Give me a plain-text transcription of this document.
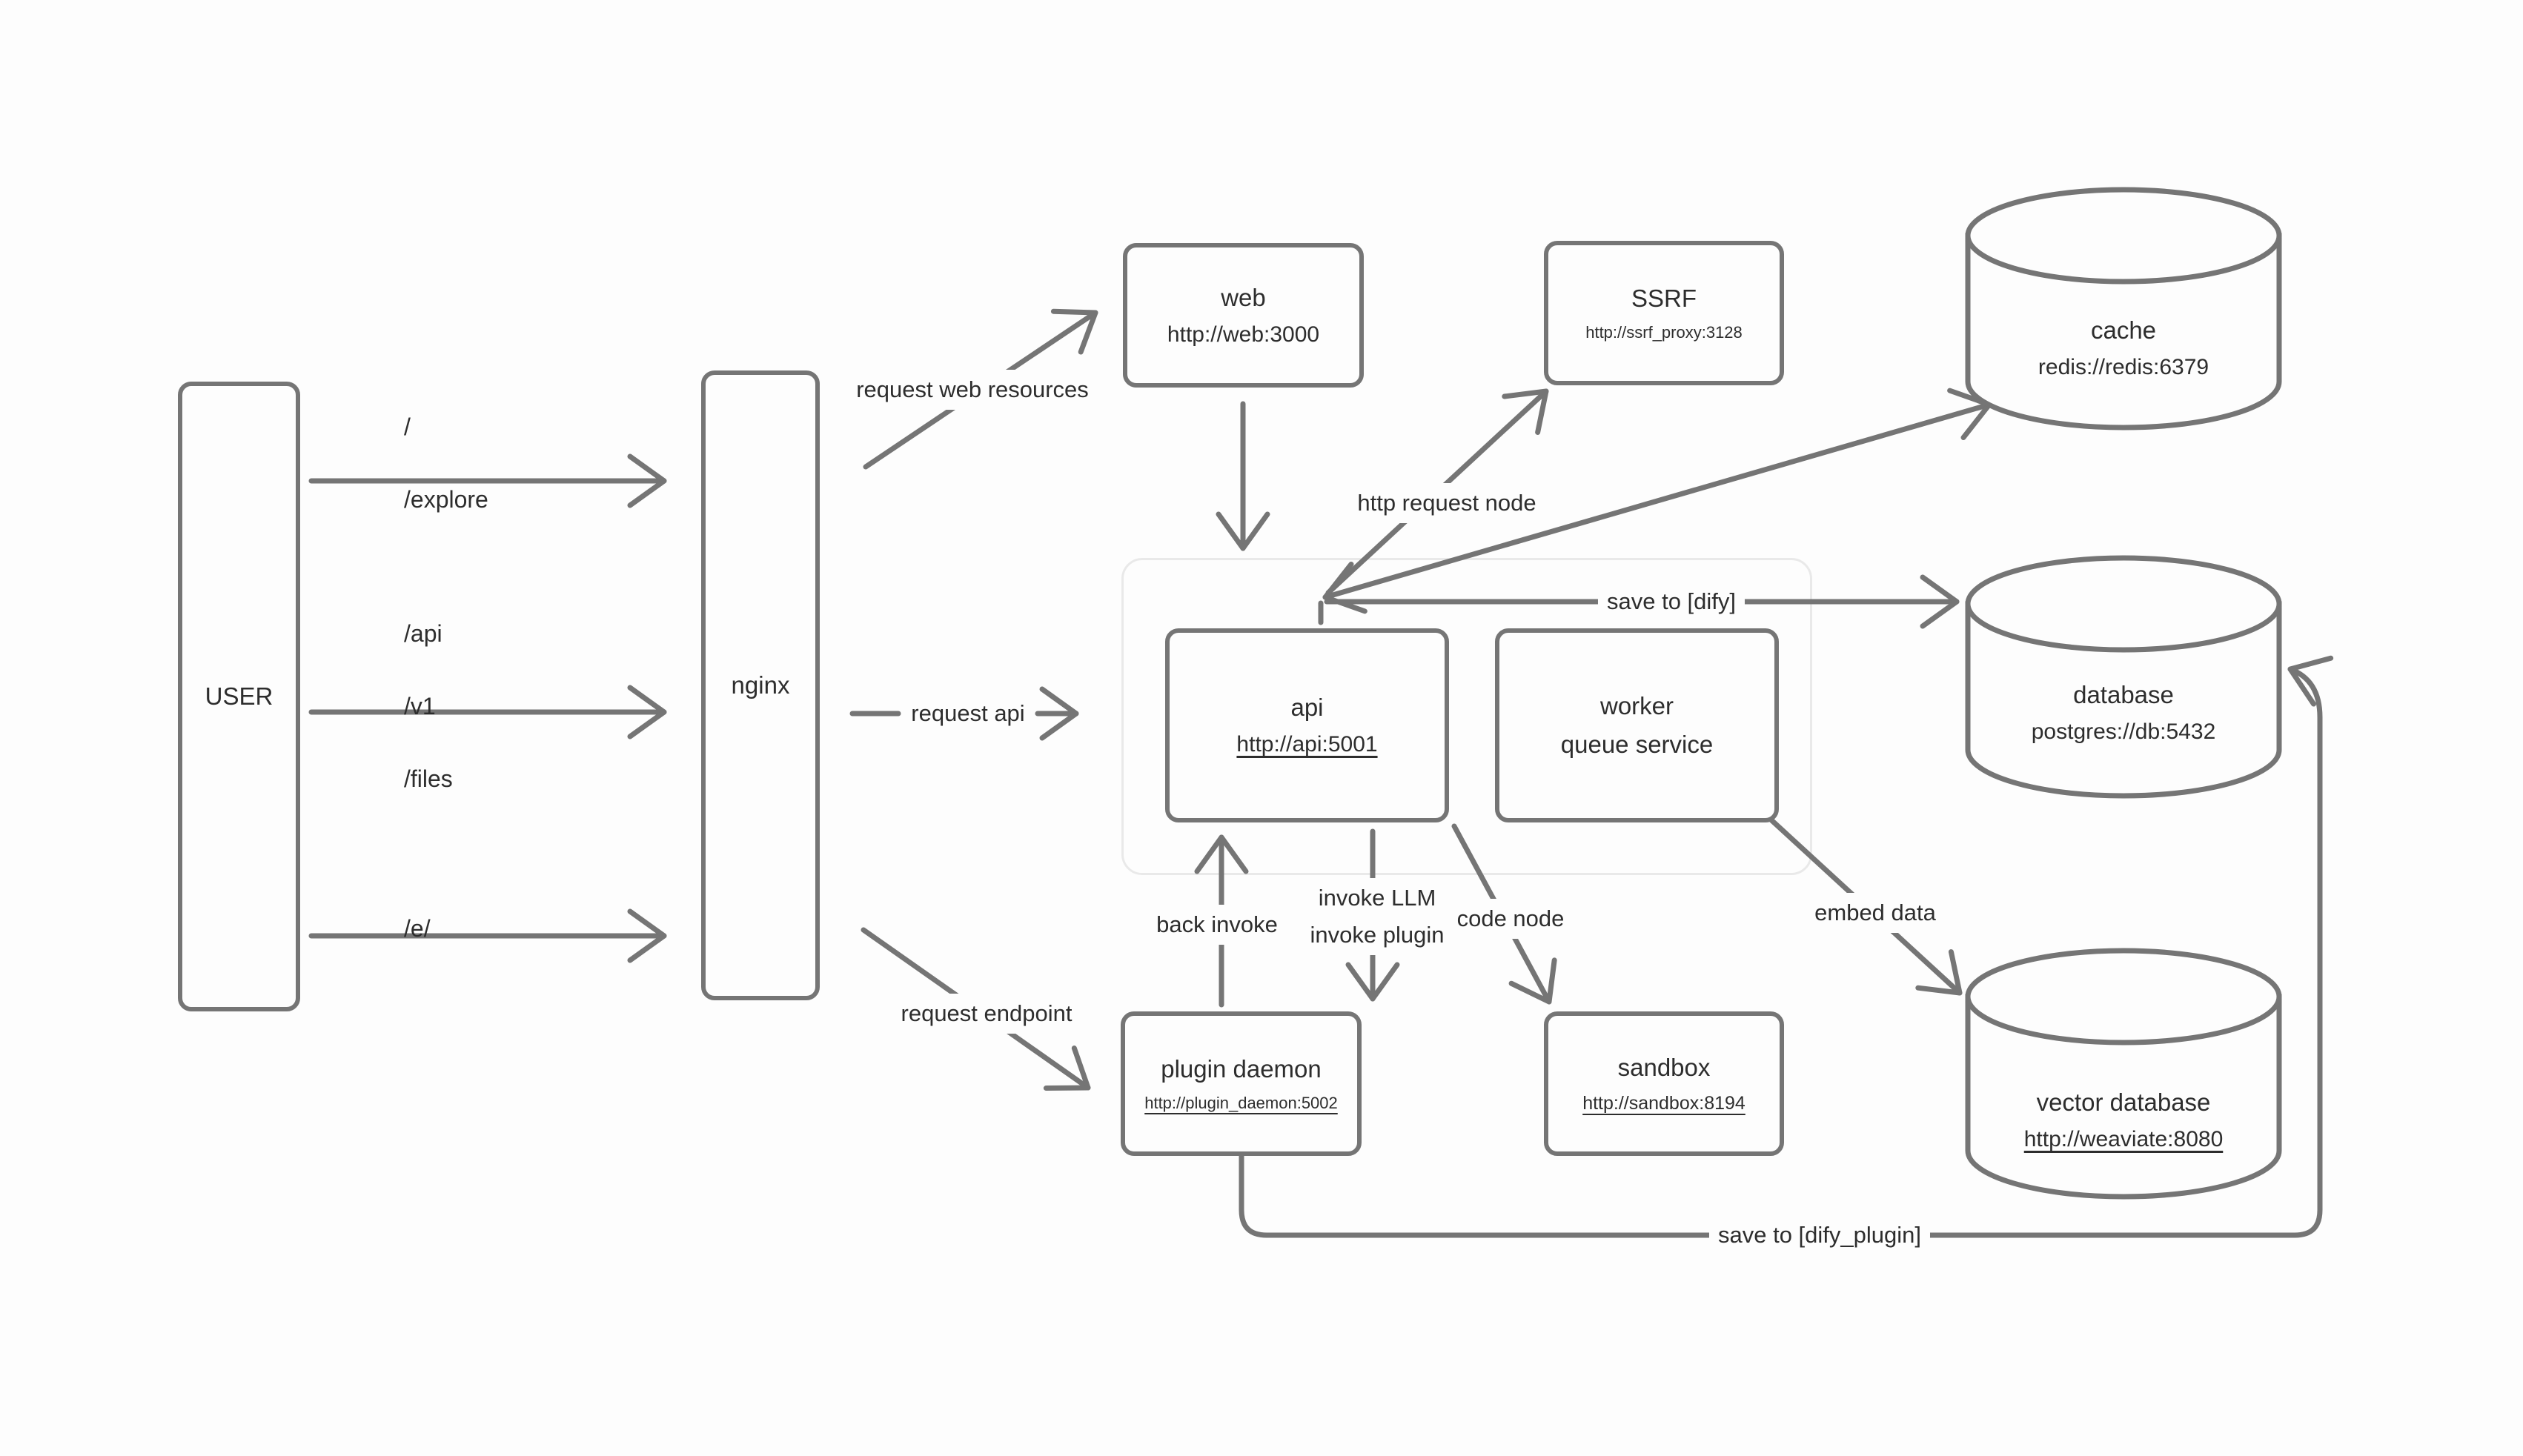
USER	nginx
web
http://web:3000
SSRF
http://ssrf_proxy:3128
api
http://api:5001
worker
queue service
plugin daemon
http://plugin_daemon:5002
sandbox
http://sandbox:8194
cache
redis://redis:6379
database
postgres://db:5432
vector database
http://weaviate:8080

/

/explore

/api

/v1

/files

/e/

request web resources
request api
request endpoint
http request node
save to [dify]
back invoke
invoke LLM
invoke plugin
code node	embed data
save to [dify_plugin]
